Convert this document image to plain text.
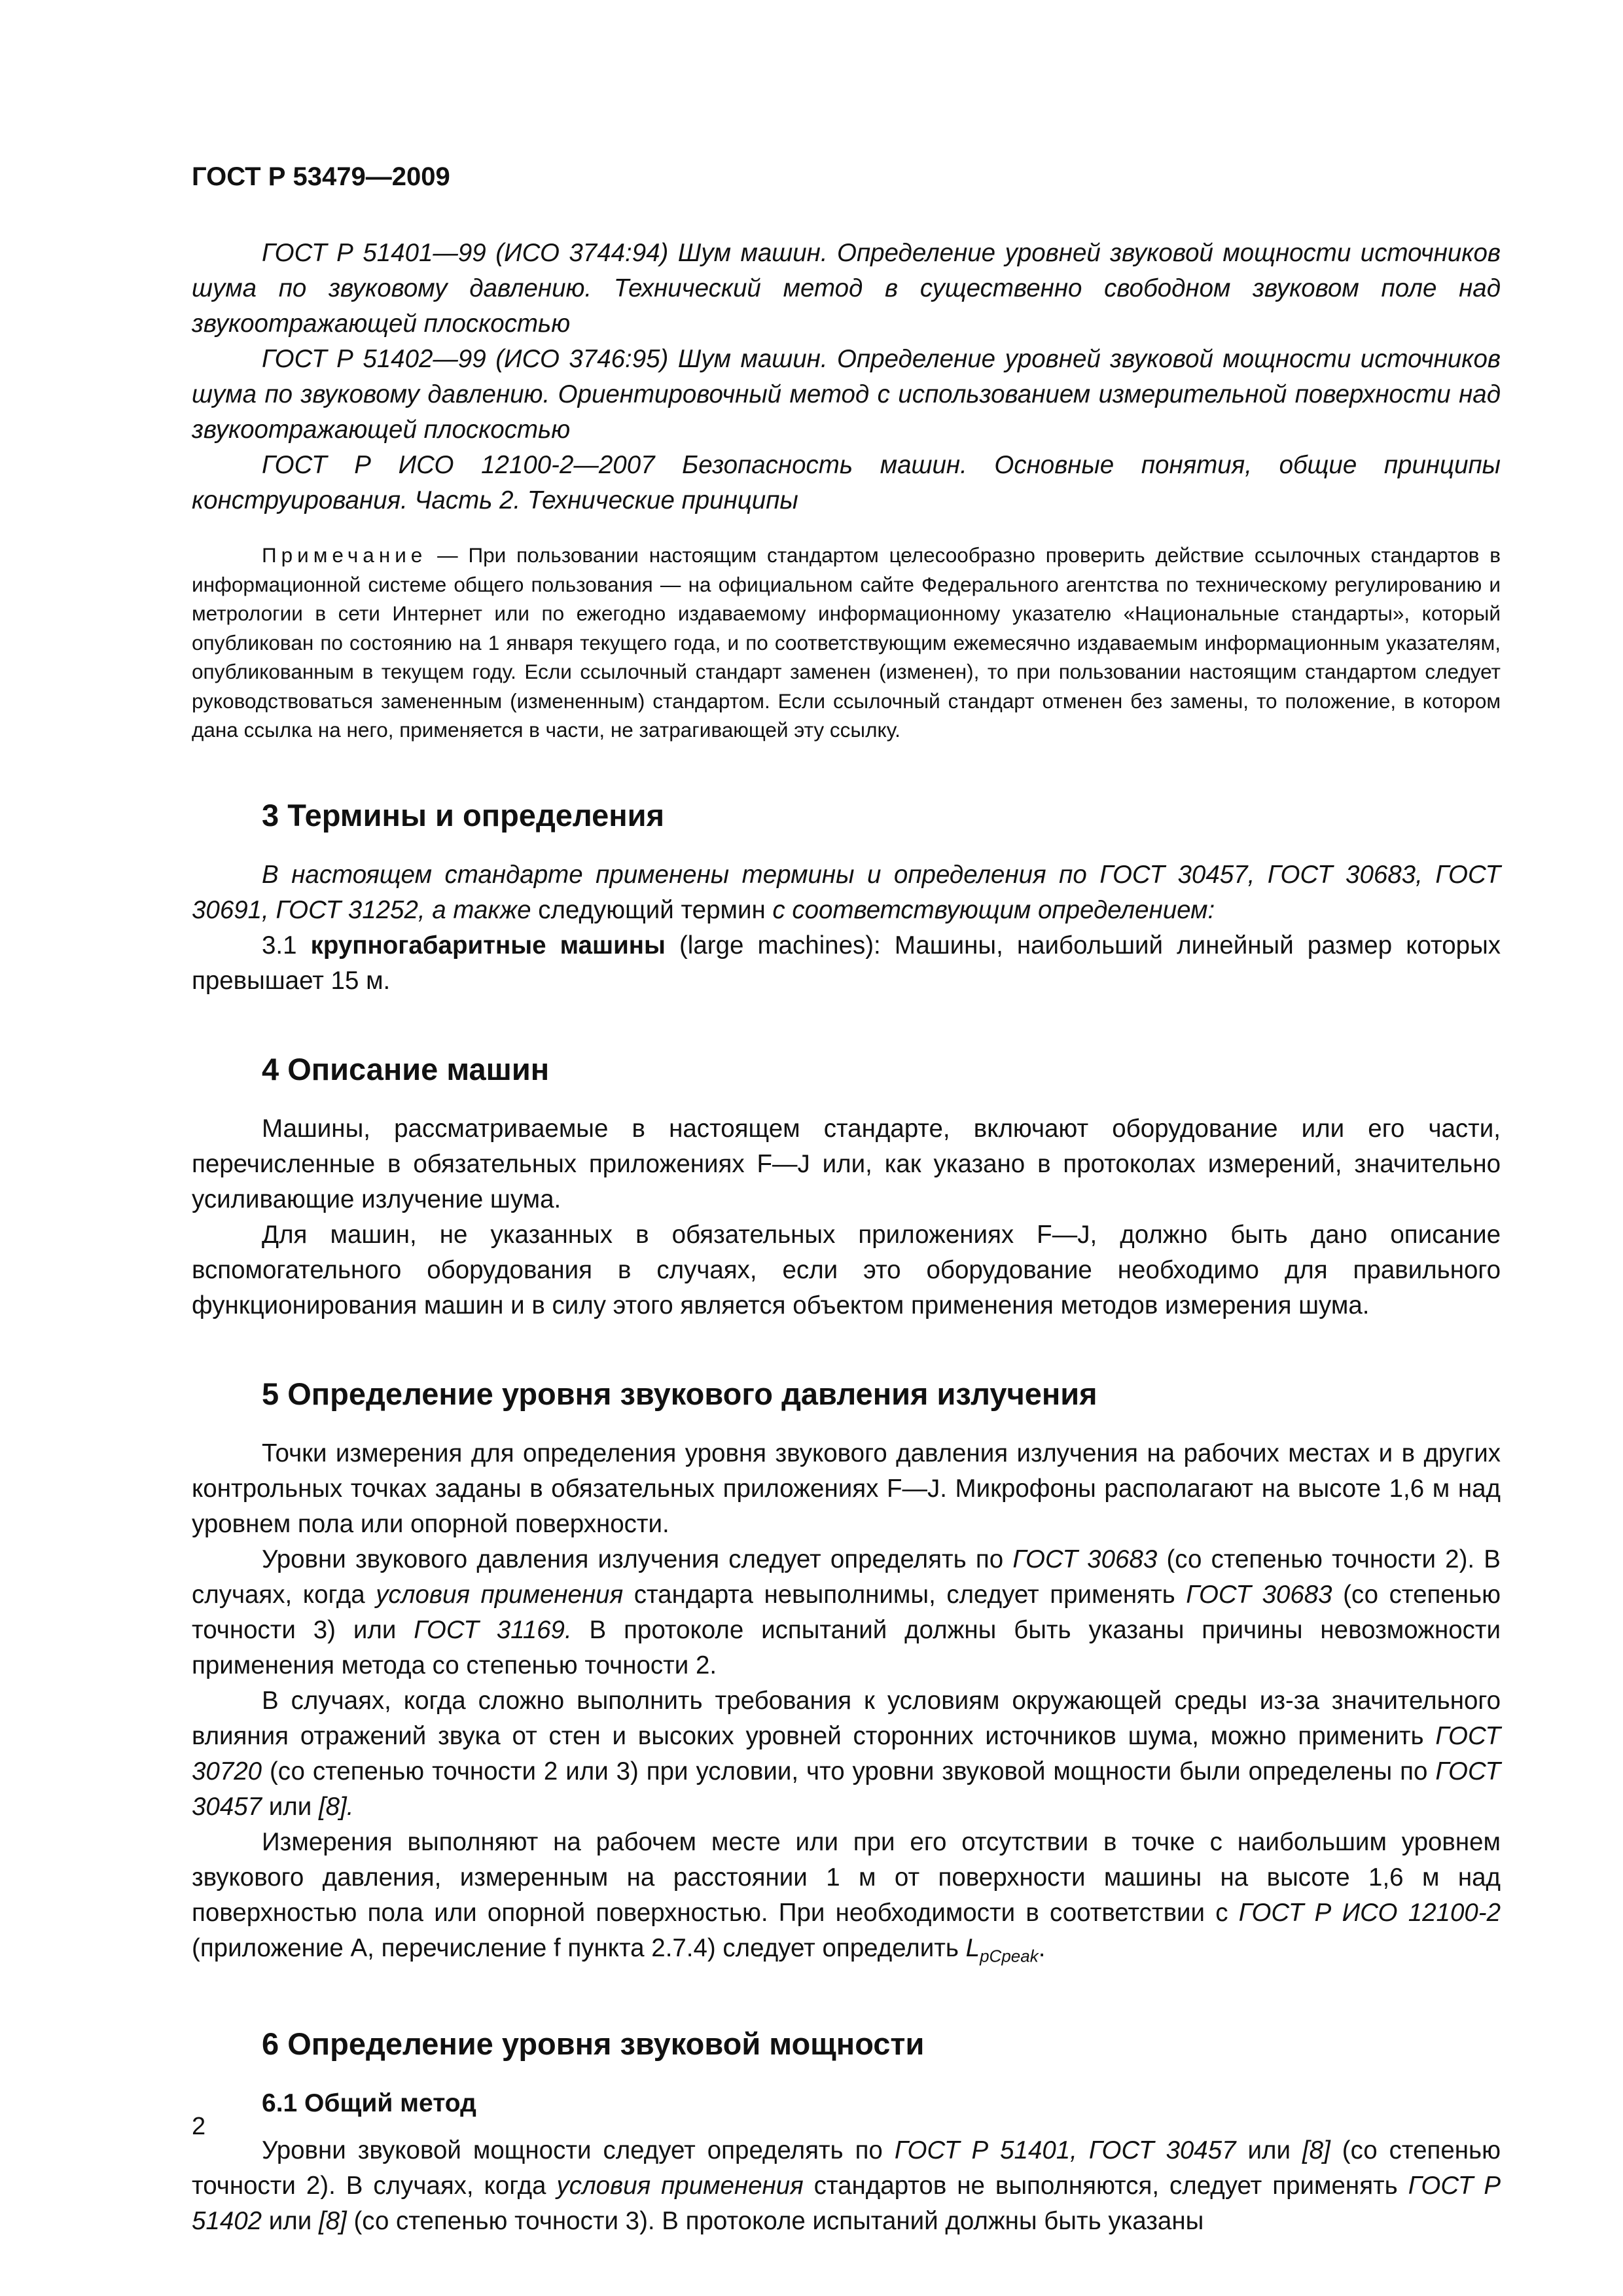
ГОСТ Р 53479—2009

ГОСТ Р 51401—99 (ИСО 3744:94) Шум машин. Определение уровней звуковой мощности источников шума по звуковому давлению. Технический метод в существенно свободном звуковом поле над звукоотражающей плоскостью

ГОСТ Р 51402—99 (ИСО 3746:95) Шум машин. Определение уровней звуковой мощности источников шума по звуковому давлению. Ориентировочный метод с использованием измерительной поверхности над звукоотражающей плоскостью

ГОСТ Р ИСО 12100-2—2007 Безопасность машин. Основные понятия, общие принципы конструирования. Часть 2. Технические принципы

Примечание — При пользовании настоящим стандартом целесообразно проверить действие ссылочных стандартов в информационной системе общего пользования — на официальном сайте Федерального агентства по техническому регулированию и метрологии в сети Интернет или по ежегодно издаваемому информационному указателю «Национальные стандарты», который опубликован по состоянию на 1 января текущего года, и по соответствующим ежемесячно издаваемым информационным указателям, опубликованным в текущем году. Если ссылочный стандарт заменен (изменен), то при пользовании настоящим стандартом следует руководствоваться замененным (измененным) стандартом. Если ссылочный стандарт отменен без замены, то положение, в котором дана ссылка на него, применяется в части, не затрагивающей эту ссылку.
3 Термины и определения

В настоящем стандарте применены термины и определения по ГОСТ 30457, ГОСТ 30683, ГОСТ 30691, ГОСТ 31252, а также следующий термин с соответствующим определением:

3.1 крупногабаритные машины (large machines): Машины, наибольший линейный размер которых превышает 15 м.

4 Описание машин

Машины, рассматриваемые в настоящем стандарте, включают оборудование или его части, перечисленные в обязательных приложениях F—J или, как указано в протоколах измерений, значительно усиливающие излучение шума.

Для машин, не указанных в обязательных приложениях F—J, должно быть дано описание вспомогательного оборудования в случаях, если это оборудование необходимо для правильного функционирования машин и в силу этого является объектом применения методов измерения шума.

5 Определение уровня звукового давления излучения

Точки измерения для определения уровня звукового давления излучения на рабочих местах и в других контрольных точках заданы в обязательных приложениях F—J. Микрофоны располагают на высоте 1,6 м над уровнем пола или опорной поверхности.

Уровни звукового давления излучения следует определять по ГОСТ 30683 (со степенью точности 2). В случаях, когда условия применения стандарта невыполнимы, следует применять ГОСТ 30683 (со степенью точности 3) или ГОСТ 31169. В протоколе испытаний должны быть указаны причины невозможности применения метода со степенью точности 2.

В случаях, когда сложно выполнить требования к условиям окружающей среды из-за значительного влияния отражений звука от стен и высоких уровней сторонних источников шума, можно применить ГОСТ 30720 (со степенью точности 2 или 3) при условии, что уровни звуковой мощности были определены по ГОСТ 30457 или [8].

Измерения выполняют на рабочем месте или при его отсутствии в точке с наибольшим уровнем звукового давления, измеренным на расстоянии 1 м от поверхности машины на высоте 1,6 м над поверхностью пола или опорной поверхностью. При необходимости в соответствии с ГОСТ Р ИСО 12100-2 (приложение А, перечисление f пункта 2.7.4) следует определить $L_{pCpeak}$.

6 Определение уровня звуковой мощности
6.1 Общий метод

Уровни звуковой мощности следует определять по ГОСТ Р 51401, ГОСТ 30457 или [8] (со степенью точности 2). В случаях, когда условия применения стандартов не выполняются, следует применять ГОСТ Р 51402 или [8] (со степенью точности 3). В протоколе испытаний должны быть указаны

2
